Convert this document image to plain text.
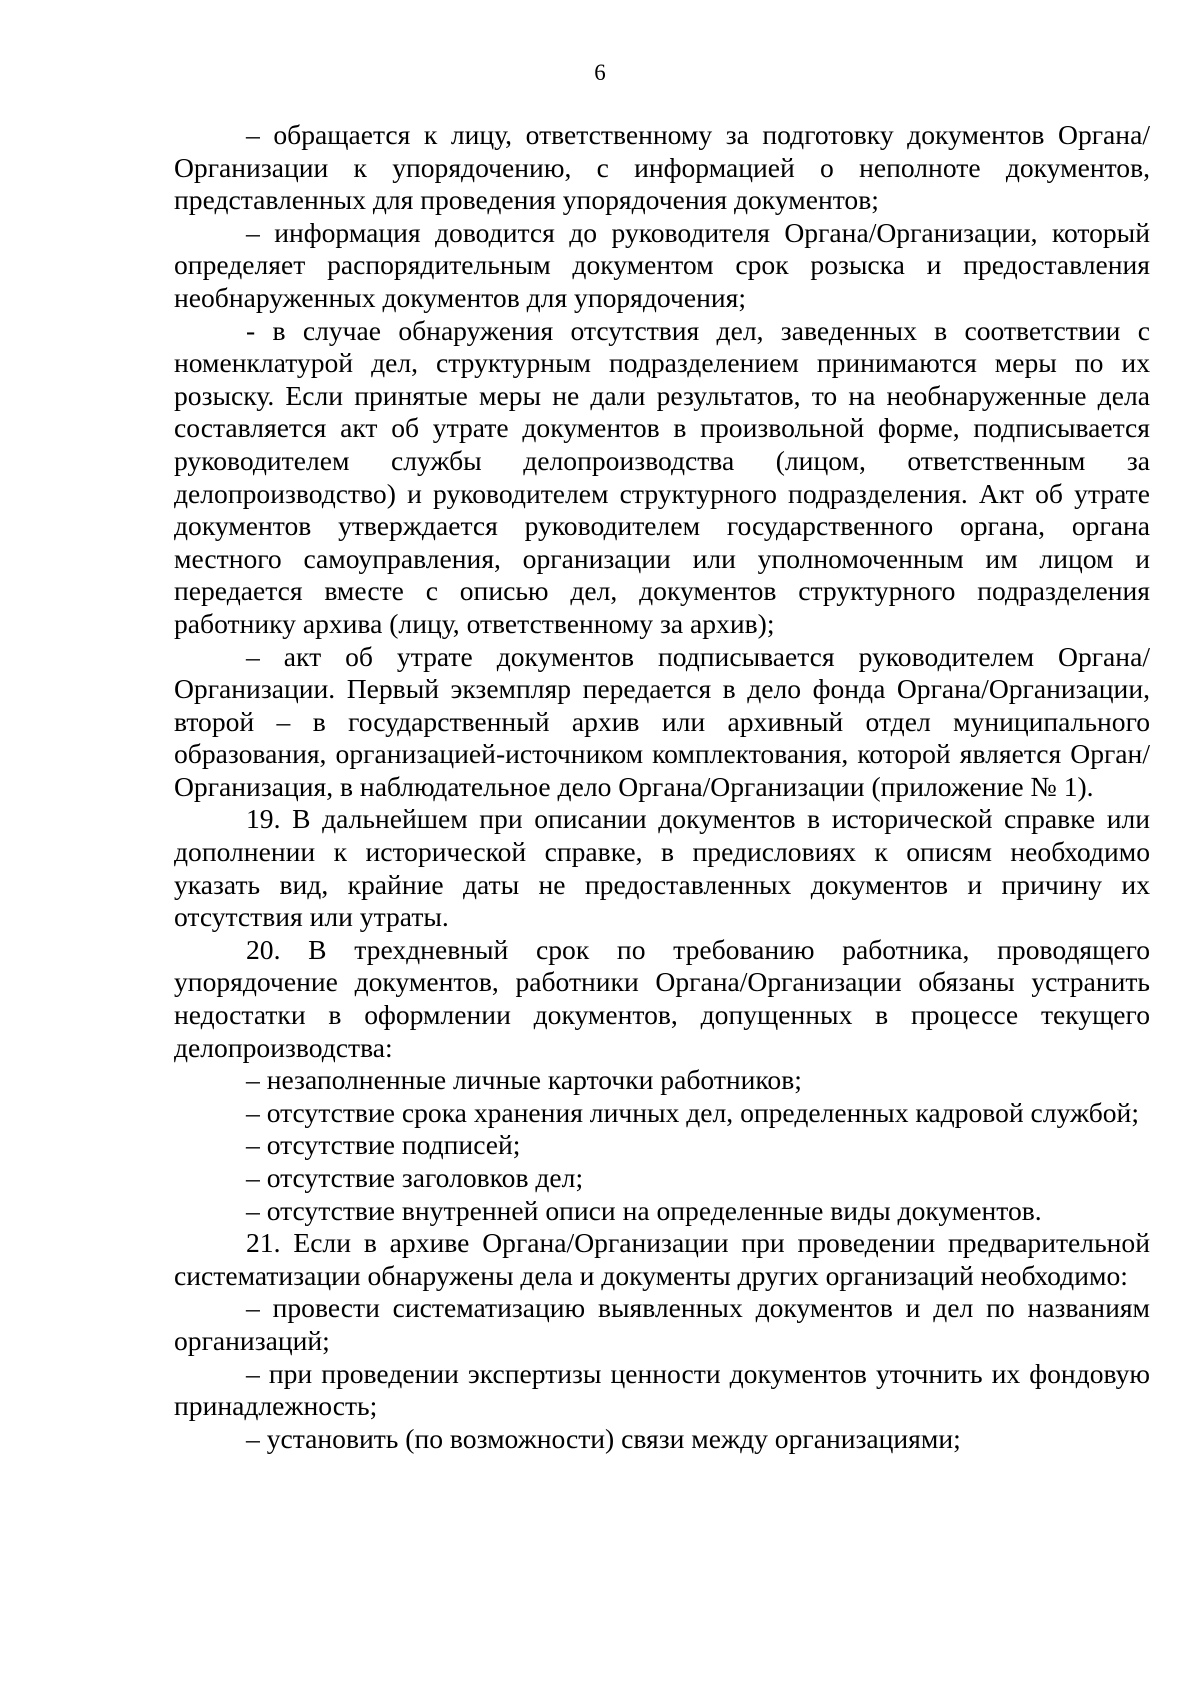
6

– обращается к лицу, ответственному за подготовку документов Органа/Организации к упорядочению, с информацией о неполноте документов, представленных для проведения упорядочения документов;

– информация доводится до руководителя Органа/Организации, который определяет распорядительным документом срок розыска и предоставления необнаруженных документов для упорядочения;

- в случае обнаружения отсутствия дел, заведенных в соответствии с номенклатурой дел, структурным подразделением принимаются меры по их розыску. Если принятые меры не дали результатов, то на необнаруженные дела составляется акт об утрате документов в произвольной форме, подписывается руководителем службы делопроизводства (лицом, ответственным за делопроизводство) и руководителем структурного подразделения. Акт об утрате документов утверждается руководителем государственного органа, органа местного самоуправления, организации или уполномоченным им лицом и передается вместе с описью дел, документов структурного подразделения работнику архива (лицу, ответственному за архив);

– акт об утрате документов подписывается руководителем Органа/Организации. Первый экземпляр передается в дело фонда Органа/Организации, второй – в государственный архив или архивный отдел муниципального образования, организацией-источником комплектования, которой является Орган/Организация, в наблюдательное дело Органа/Организации (приложение № 1).

19. В дальнейшем при описании документов в исторической справке или дополнении к исторической справке, в предисловиях к описям необходимо указать вид, крайние даты не предоставленных документов и причину их отсутствия или утраты.

20. В трехдневный срок по требованию работника, проводящего упорядочение документов, работники Органа/Организации обязаны устранить недостатки в оформлении документов, допущенных в процессе текущего делопроизводства:

– незаполненные личные карточки работников;

– отсутствие срока хранения личных дел, определенных кадровой службой;

– отсутствие подписей;

– отсутствие заголовков дел;

– отсутствие внутренней описи на определенные виды документов.

21. Если в архиве Органа/Организации при проведении предварительной систематизации обнаружены дела и документы других организаций необходимо:

– провести систематизацию выявленных документов и дел по названиям организаций;

– при проведении экспертизы ценности документов уточнить их фондовую принадлежность;

– установить (по возможности) связи между организациями;
